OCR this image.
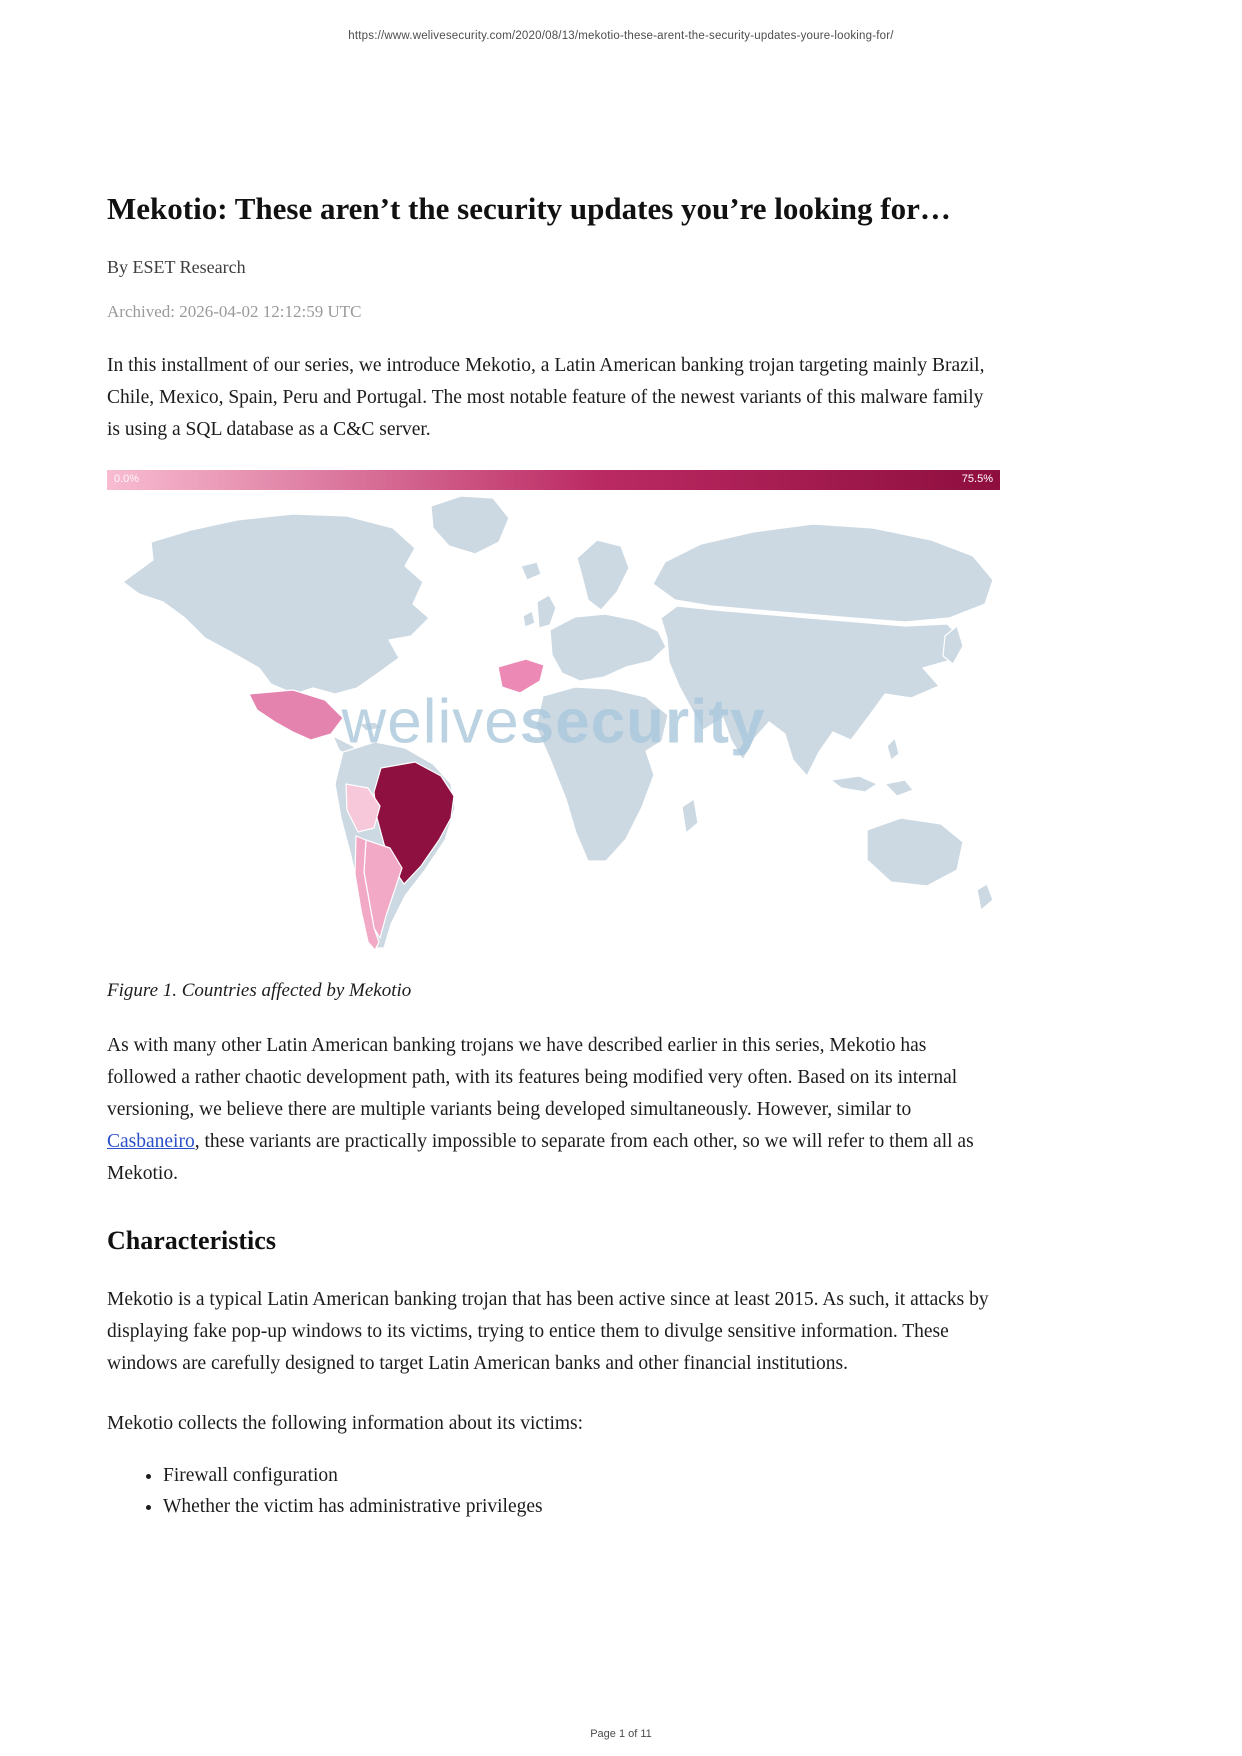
https://www.welivesecurity.com/2020/08/13/mekotio-these-arent-the-security-updates-youre-looking-for/
Mekotio: These aren’t the security updates you’re looking for…

By ESET Research

Archived: 2026-04-02 12:12:59 UTC

In this installment of our series, we introduce Mekotio, a Latin American banking trojan targeting mainly Brazil, Chile, Mexico, Spain, Peru and Portugal. The most notable feature of the newest variants of this malware family is using a SQL database as a C&C server.

0.0%	75.5%
welivesecurity

Figure 1. Countries affected by Mekotio

As with many other Latin American banking trojans we have described earlier in this series, Mekotio has followed a rather chaotic development path, with its features being modified very often. Based on its internal versioning, we believe there are multiple variants being developed simultaneously. However, similar to Casbaneiro, these variants are practically impossible to separate from each other, so we will refer to them all as Mekotio.

Characteristics

Mekotio is a typical Latin American banking trojan that has been active since at least 2015. As such, it attacks by displaying fake pop-up windows to its victims, trying to entice them to divulge sensitive information. These windows are carefully designed to target Latin American banks and other financial institutions.

Mekotio collects the following information about its victims:

• Firewall configuration
• Whether the victim has administrative privileges
Page 1 of 11
